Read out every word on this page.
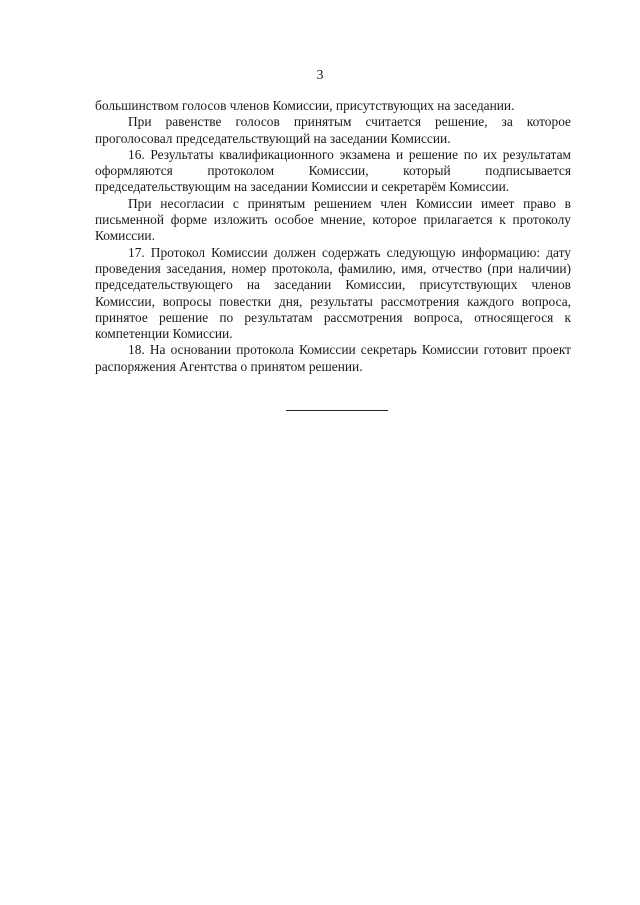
3

большинством голосов членов Комиссии, присутствующих на заседании.

При равенстве голосов принятым считается решение, за которое проголосовал председательствующий на заседании Комиссии.

16. Результаты квалификационного экзамена и решение по их результатам оформляются протоколом Комиссии, который подписывается председательствующим на заседании Комиссии и секретарём Комиссии.

При несогласии с принятым решением член Комиссии имеет право в письменной форме изложить особое мнение, которое прилагается к протоколу Комиссии.

17. Протокол Комиссии должен содержать следующую информацию: дату проведения заседания, номер протокола, фамилию, имя, отчество (при наличии) председательствующего на заседании Комиссии, присутствующих членов Комиссии, вопросы повестки дня, результаты рассмотрения каждого вопроса, принятое решение по результатам рассмотрения вопроса, относящегося к компетенции Комиссии.

18. На основании протокола Комиссии секретарь Комиссии готовит проект распоряжения Агентства о принятом решении.
